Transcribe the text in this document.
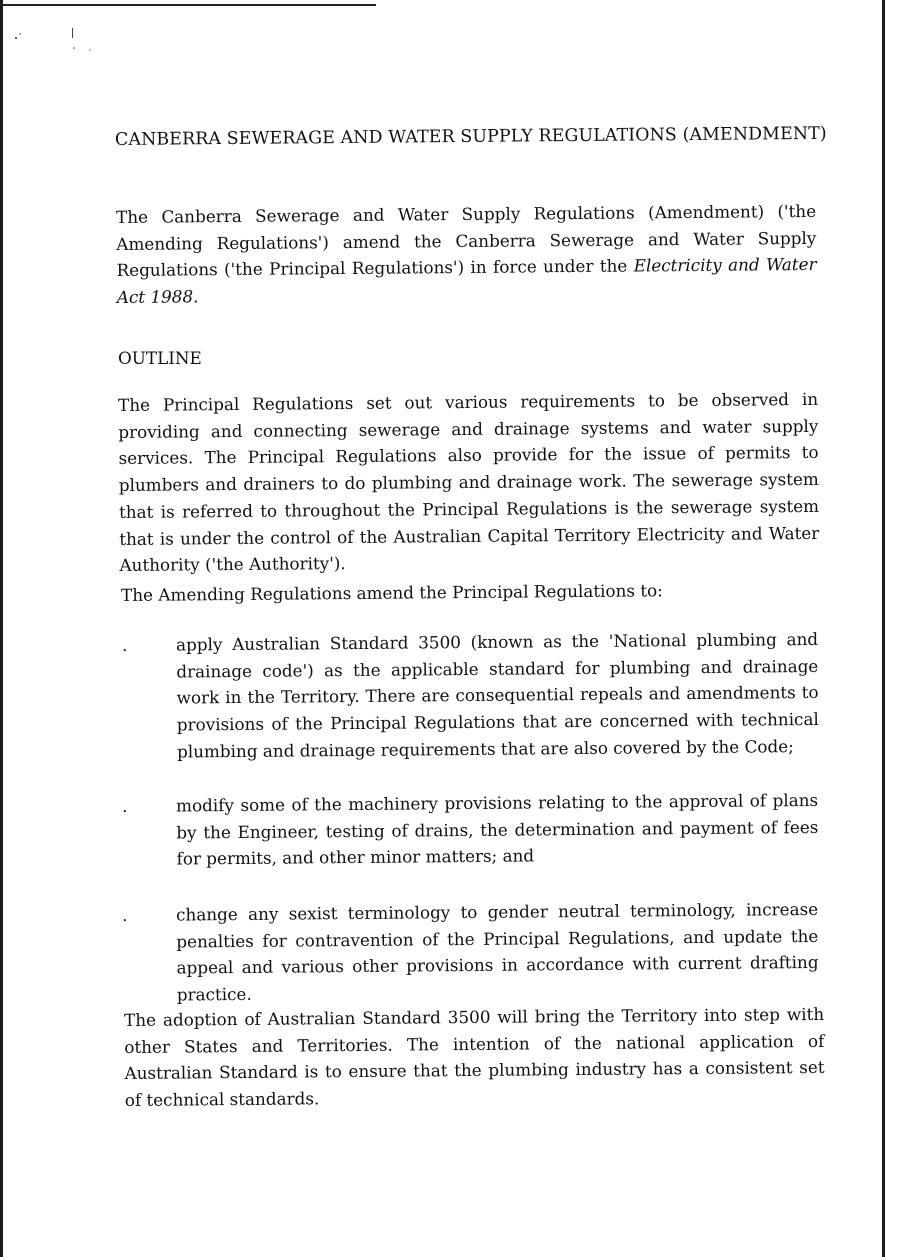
CANBERRA SEWERAGE AND WATER SUPPLY REGULATIONS (AMENDMENT)

The Canberra Sewerage and Water Supply Regulations (Amendment) ('the Amending Regulations') amend the Canberra Sewerage and Water Supply Regulations ('the Principal Regulations') in force under the Electricity and Water Act 1988.

OUTLINE

The Principal Regulations set out various requirements to be observed in providing and connecting sewerage and drainage systems and water supply services. The Principal Regulations also provide for the issue of permits to plumbers and drainers to do plumbing and drainage work. The sewerage system that is referred to throughout the Principal Regulations is the sewerage system that is under the control of the Australian Capital Territory Electricity and Water Authority ('the Authority').

The Amending Regulations amend the Principal Regulations to:

.	apply Australian Standard 3500 (known as the 'National plumbing and drainage code') as the applicable standard for plumbing and drainage work in the Territory. There are consequential repeals and amendments to provisions of the Principal Regulations that are concerned with technical plumbing and drainage requirements that are also covered by the Code;

.	modify some of the machinery provisions relating to the approval of plans by the Engineer, testing of drains, the determination and payment of fees for permits, and other minor matters; and

.	change any sexist terminology to gender neutral terminology, increase penalties for contravention of the Principal Regulations, and update the appeal and various other provisions in accordance with current drafting practice.

The adoption of Australian Standard 3500 will bring the Territory into step with other States and Territories. The intention of the national application of Australian Standard is to ensure that the plumbing industry has a consistent set of technical standards.
